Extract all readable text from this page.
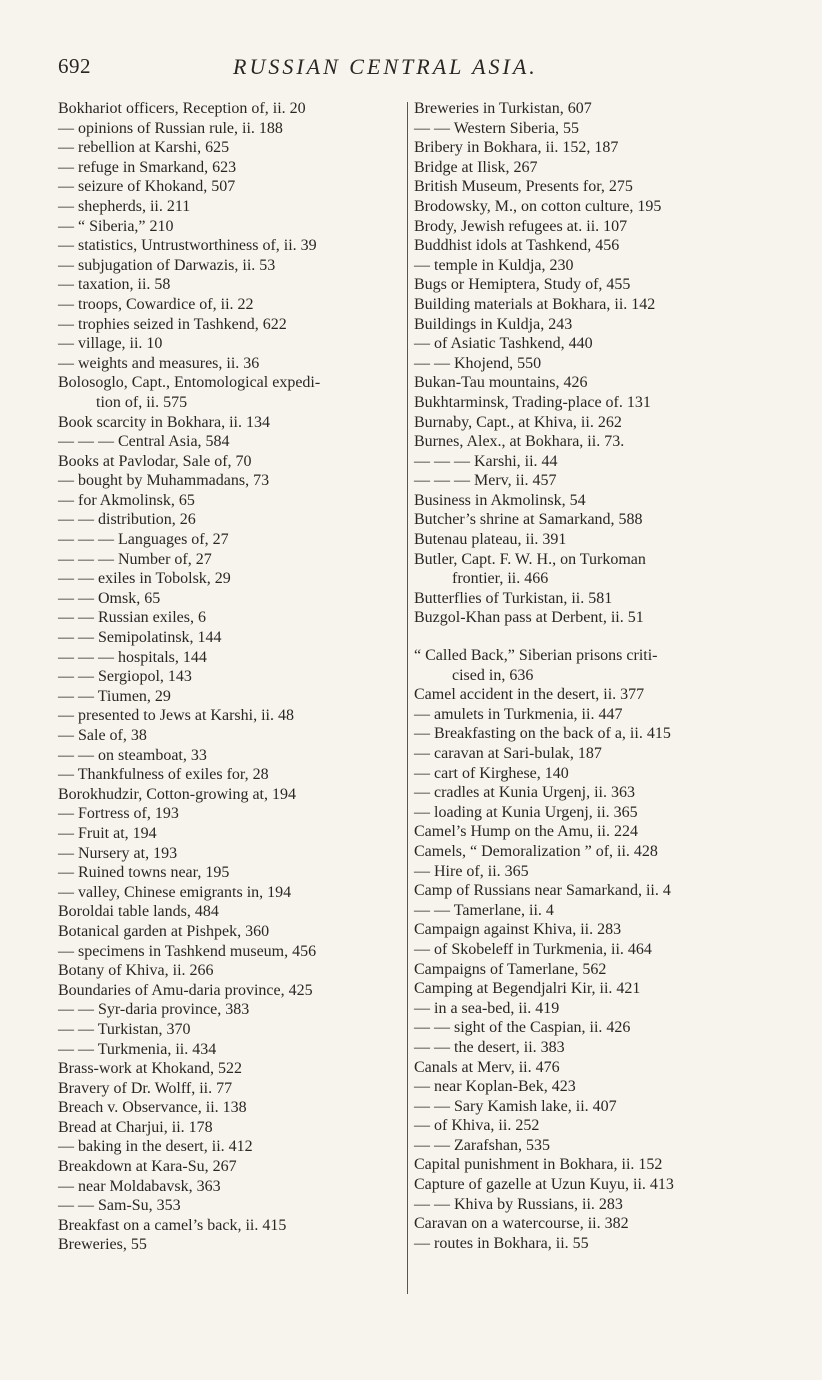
692	RUSSIAN CENTRAL ASIA.
Bokhariot officers, Reception of, ii. 20
— opinions of Russian rule, ii. 188
— rebellion at Karshi, 625
— refuge in Smarkand, 623
— seizure of Khokand, 507
— shepherds, ii. 211
— “ Siberia,” 210
— statistics, Untrustworthiness of, ii. 39
— subjugation of Darwazis, ii. 53
— taxation, ii. 58
— troops, Cowardice of, ii. 22
— trophies seized in Tashkend, 622
— village, ii. 10
— weights and measures, ii. 36
Bolosoglo, Capt., Entomological expedi-
tion of, ii. 575
Book scarcity in Bokhara, ii. 134
— — — Central Asia, 584
Books at Pavlodar, Sale of, 70
— bought by Muhammadans, 73
— for Akmolinsk, 65
— — distribution, 26
— — — Languages of, 27
— — — Number of, 27
— — exiles in Tobolsk, 29
— — Omsk, 65
— — Russian exiles, 6
— — Semipolatinsk, 144
— — — hospitals, 144
— — Sergiopol, 143
— — Tiumen, 29
— presented to Jews at Karshi, ii. 48
— Sale of, 38
— — on steamboat, 33
— Thankfulness of exiles for, 28
Borokhudzir, Cotton-growing at, 194
— Fortress of, 193
— Fruit at, 194
— Nursery at, 193
— Ruined towns near, 195
— valley, Chinese emigrants in, 194
Boroldai table lands, 484
Botanical garden at Pishpek, 360
— specimens in Tashkend museum, 456
Botany of Khiva, ii. 266
Boundaries of Amu-daria province, 425
— — Syr-daria province, 383
— — Turkistan, 370
— — Turkmenia, ii. 434
Brass-work at Khokand, 522
Bravery of Dr. Wolff, ii. 77
Breach v. Observance, ii. 138
Bread at Charjui, ii. 178
— baking in the desert, ii. 412
Breakdown at Kara-Su, 267
— near Moldabavsk, 363
— — Sam-Su, 353
Breakfast on a camel’s back, ii. 415
Breweries, 55
Breweries in Turkistan, 607
— — Western Siberia, 55
Bribery in Bokhara, ii. 152, 187
Bridge at Ilisk, 267
British Museum, Presents for, 275
Brodowsky, M., on cotton culture, 195
Brody, Jewish refugees at. ii. 107
Buddhist idols at Tashkend, 456
— temple in Kuldja, 230
Bugs or Hemiptera, Study of, 455
Building materials at Bokhara, ii. 142
Buildings in Kuldja, 243
— of Asiatic Tashkend, 440
— — Khojend, 550
Bukan-Tau mountains, 426
Bukhtarminsk, Trading-place of. 131
Burnaby, Capt., at Khiva, ii. 262
Burnes, Alex., at Bokhara, ii. 73.
— — — Karshi, ii. 44
— — — Merv, ii. 457
Business in Akmolinsk, 54
Butcher’s shrine at Samarkand, 588
Butenau plateau, ii. 391
Butler, Capt. F. W. H., on Turkoman
frontier, ii. 466
Butterflies of Turkistan, ii. 581
Buzgol-Khan pass at Derbent, ii. 51
“ Called Back,” Siberian prisons criti-
cised in, 636
Camel accident in the desert, ii. 377
— amulets in Turkmenia, ii. 447
— Breakfasting on the back of a, ii. 415
— caravan at Sari-bulak, 187
— cart of Kirghese, 140
— cradles at Kunia Urgenj, ii. 363
— loading at Kunia Urgenj, ii. 365
Camel’s Hump on the Amu, ii. 224
Camels, “ Demoralization ” of, ii. 428
— Hire of, ii. 365
Camp of Russians near Samarkand, ii. 4
— — Tamerlane, ii. 4
Campaign against Khiva, ii. 283
— of Skobeleff in Turkmenia, ii. 464
Campaigns of Tamerlane, 562
Camping at Begendjalri Kir, ii. 421
— in a sea-bed, ii. 419
— — sight of the Caspian, ii. 426
— — the desert, ii. 383
Canals at Merv, ii. 476
— near Koplan-Bek, 423
— — Sary Kamish lake, ii. 407
— of Khiva, ii. 252
— — Zarafshan, 535
Capital punishment in Bokhara, ii. 152
Capture of gazelle at Uzun Kuyu, ii. 413
— — Khiva by Russians, ii. 283
Caravan on a watercourse, ii. 382
— routes in Bokhara, ii. 55
